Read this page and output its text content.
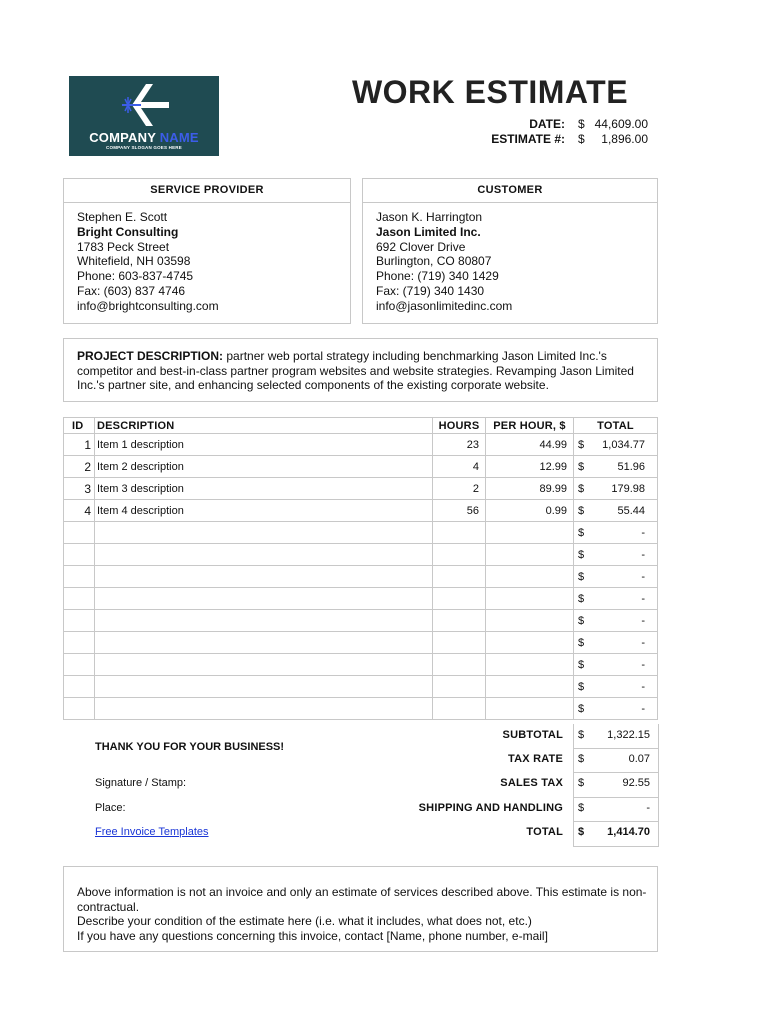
COMPANY NAME
COMPANY SLOGAN GOES HERE
WORK ESTIMATE
DATE: $ 44,609.00
ESTIMATE #: $ 1,896.00
SERVICE PROVIDER
Stephen E. Scott
Bright Consulting
1783 Peck Street
Whitefield, NH 03598
Phone: 603-837-4745
Fax: (603) 837 4746
info@brightconsulting.com
CUSTOMER
Jason K. Harrington
Jason Limited Inc.
692 Clover Drive
Burlington, CO 80807
Phone: (719) 340 1429
Fax: (719) 340 1430
info@jasonlimitedinc.com
PROJECT DESCRIPTION: partner web portal strategy including benchmarking Jason Limited Inc.'s competitor and best-in-class partner program websites and website strategies. Revamping Jason Limited Inc.'s partner site, and enhancing selected components of the existing corporate website.
ID	DESCRIPTION	HOURS	PER HOUR, $	TOTAL	
1	Item 1 description	23	44.99	$	1,034.77
2	Item 2 description	4	12.99	$	51.96
3	Item 3 description	2	89.99	$	179.98
4	Item 4 description	56	0.99	$	55.44
				$	-
				$	-
				$	-
				$	-
				$	-
				$	-
				$	-
				$	-
				$	-
SUBTOTAL $ 1,322.15
TAX RATE $	0.07
SALES TAX $	92.55
SHIPPING AND HANDLING $	-
TOTAL $ 1,414.70
THANK YOU FOR YOUR BUSINESS!
Signature / Stamp:
Place:
Free Invoice Templates
Above information is not an invoice and only an estimate of services described above. This estimate is non-contractual.
Describe your condition of the estimate here (i.e. what it includes, what does not, etc.)
If you have any questions concerning this invoice, contact [Name, phone number, e-mail]
